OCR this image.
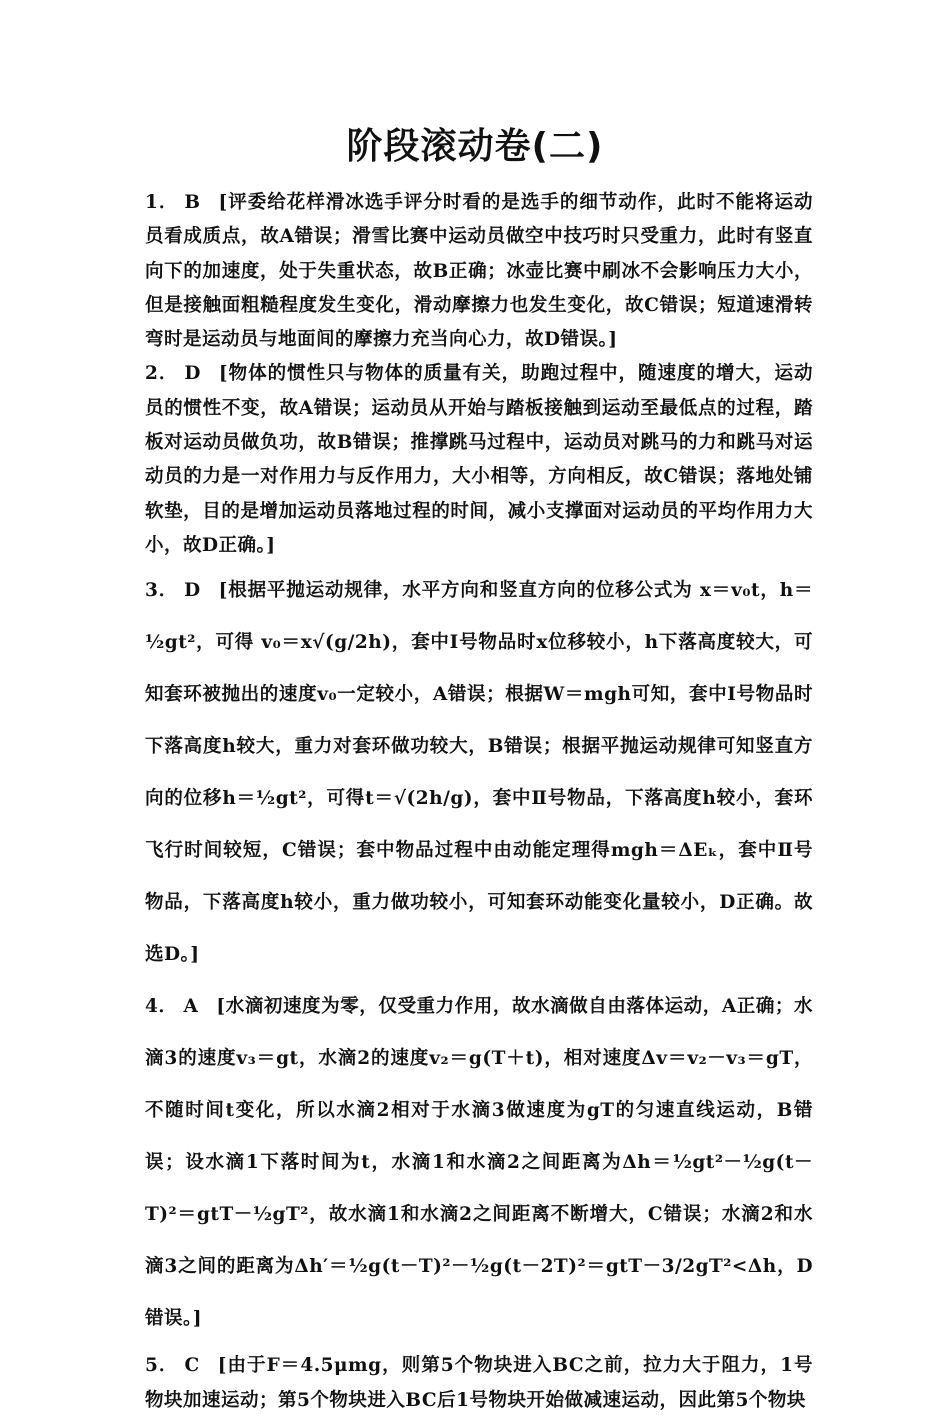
阶段滚动卷(二)

1． B [评委给花样滑冰选手评分时看的是选手的细节动作，此时不能将运动员看成质点，故A错误；滑雪比赛中运动员做空中技巧时只受重力，此时有竖直向下的加速度，处于失重状态，故B正确；冰壶比赛中刷冰不会影响压力大小，但是接触面粗糙程度发生变化，滑动摩擦力也发生变化，故C错误；短道速滑转弯时是运动员与地面间的摩擦力充当向心力，故D错误。]

2． D [物体的惯性只与物体的质量有关，助跑过程中，随速度的增大，运动员的惯性不变，故A错误；运动员从开始与踏板接触到运动至最低点的过程，踏板对运动员做负功，故B错误；推撑跳马过程中，运动员对跳马的力和跳马对运动员的力是一对作用力与反作用力，大小相等，方向相反，故C错误；落地处铺软垫，目的是增加运动员落地过程的时间，减小支撑面对运动员的平均作用力大小，故D正确。]

3． D [根据平抛运动规律，水平方向和竖直方向的位移公式为 x＝v₀t，h＝½gt²，可得 v₀＝x√(g/2h)，套中Ⅰ号物品时x位移较小，h下落高度较大，可知套环被抛出的速度v₀一定较小，A错误；根据W＝mgh可知，套中Ⅰ号物品时下落高度h较大，重力对套环做功较大，B错误；根据平抛运动规律可知竖直方向的位移h＝½gt²，可得t＝√(2h/g)，套中Ⅱ号物品，下落高度h较小，套环飞行时间较短，C错误；套中物品过程中由动能定理得mgh＝ΔEₖ，套中Ⅱ号物品，下落高度h较小，重力做功较小，可知套环动能变化量较小，D正确。故选D。]

4． A [水滴初速度为零，仅受重力作用，故水滴做自由落体运动，A正确；水滴3的速度v₃＝gt，水滴2的速度v₂＝g(T＋t)，相对速度Δv＝v₂－v₃＝gT，不随时间t变化，所以水滴2相对于水滴3做速度为gT的匀速直线运动，B错误；设水滴1下落时间为t，水滴1和水滴2之间距离为Δh＝½gt²－½g(t－T)²＝gtT－½gT²，故水滴1和水滴2之间距离不断增大，C错误；水滴2和水滴3之间的距离为Δh′＝½g(t－T)²－½g(t－2T)²＝gtT－3/2gT²<Δh，D错误。]

5． C [由于F＝4.5μmg，则第5个物块进入BC之前，拉力大于阻力，1号物块加速运动；第5个物块进入BC后1号物块开始做减速运动，因此第5个物块
